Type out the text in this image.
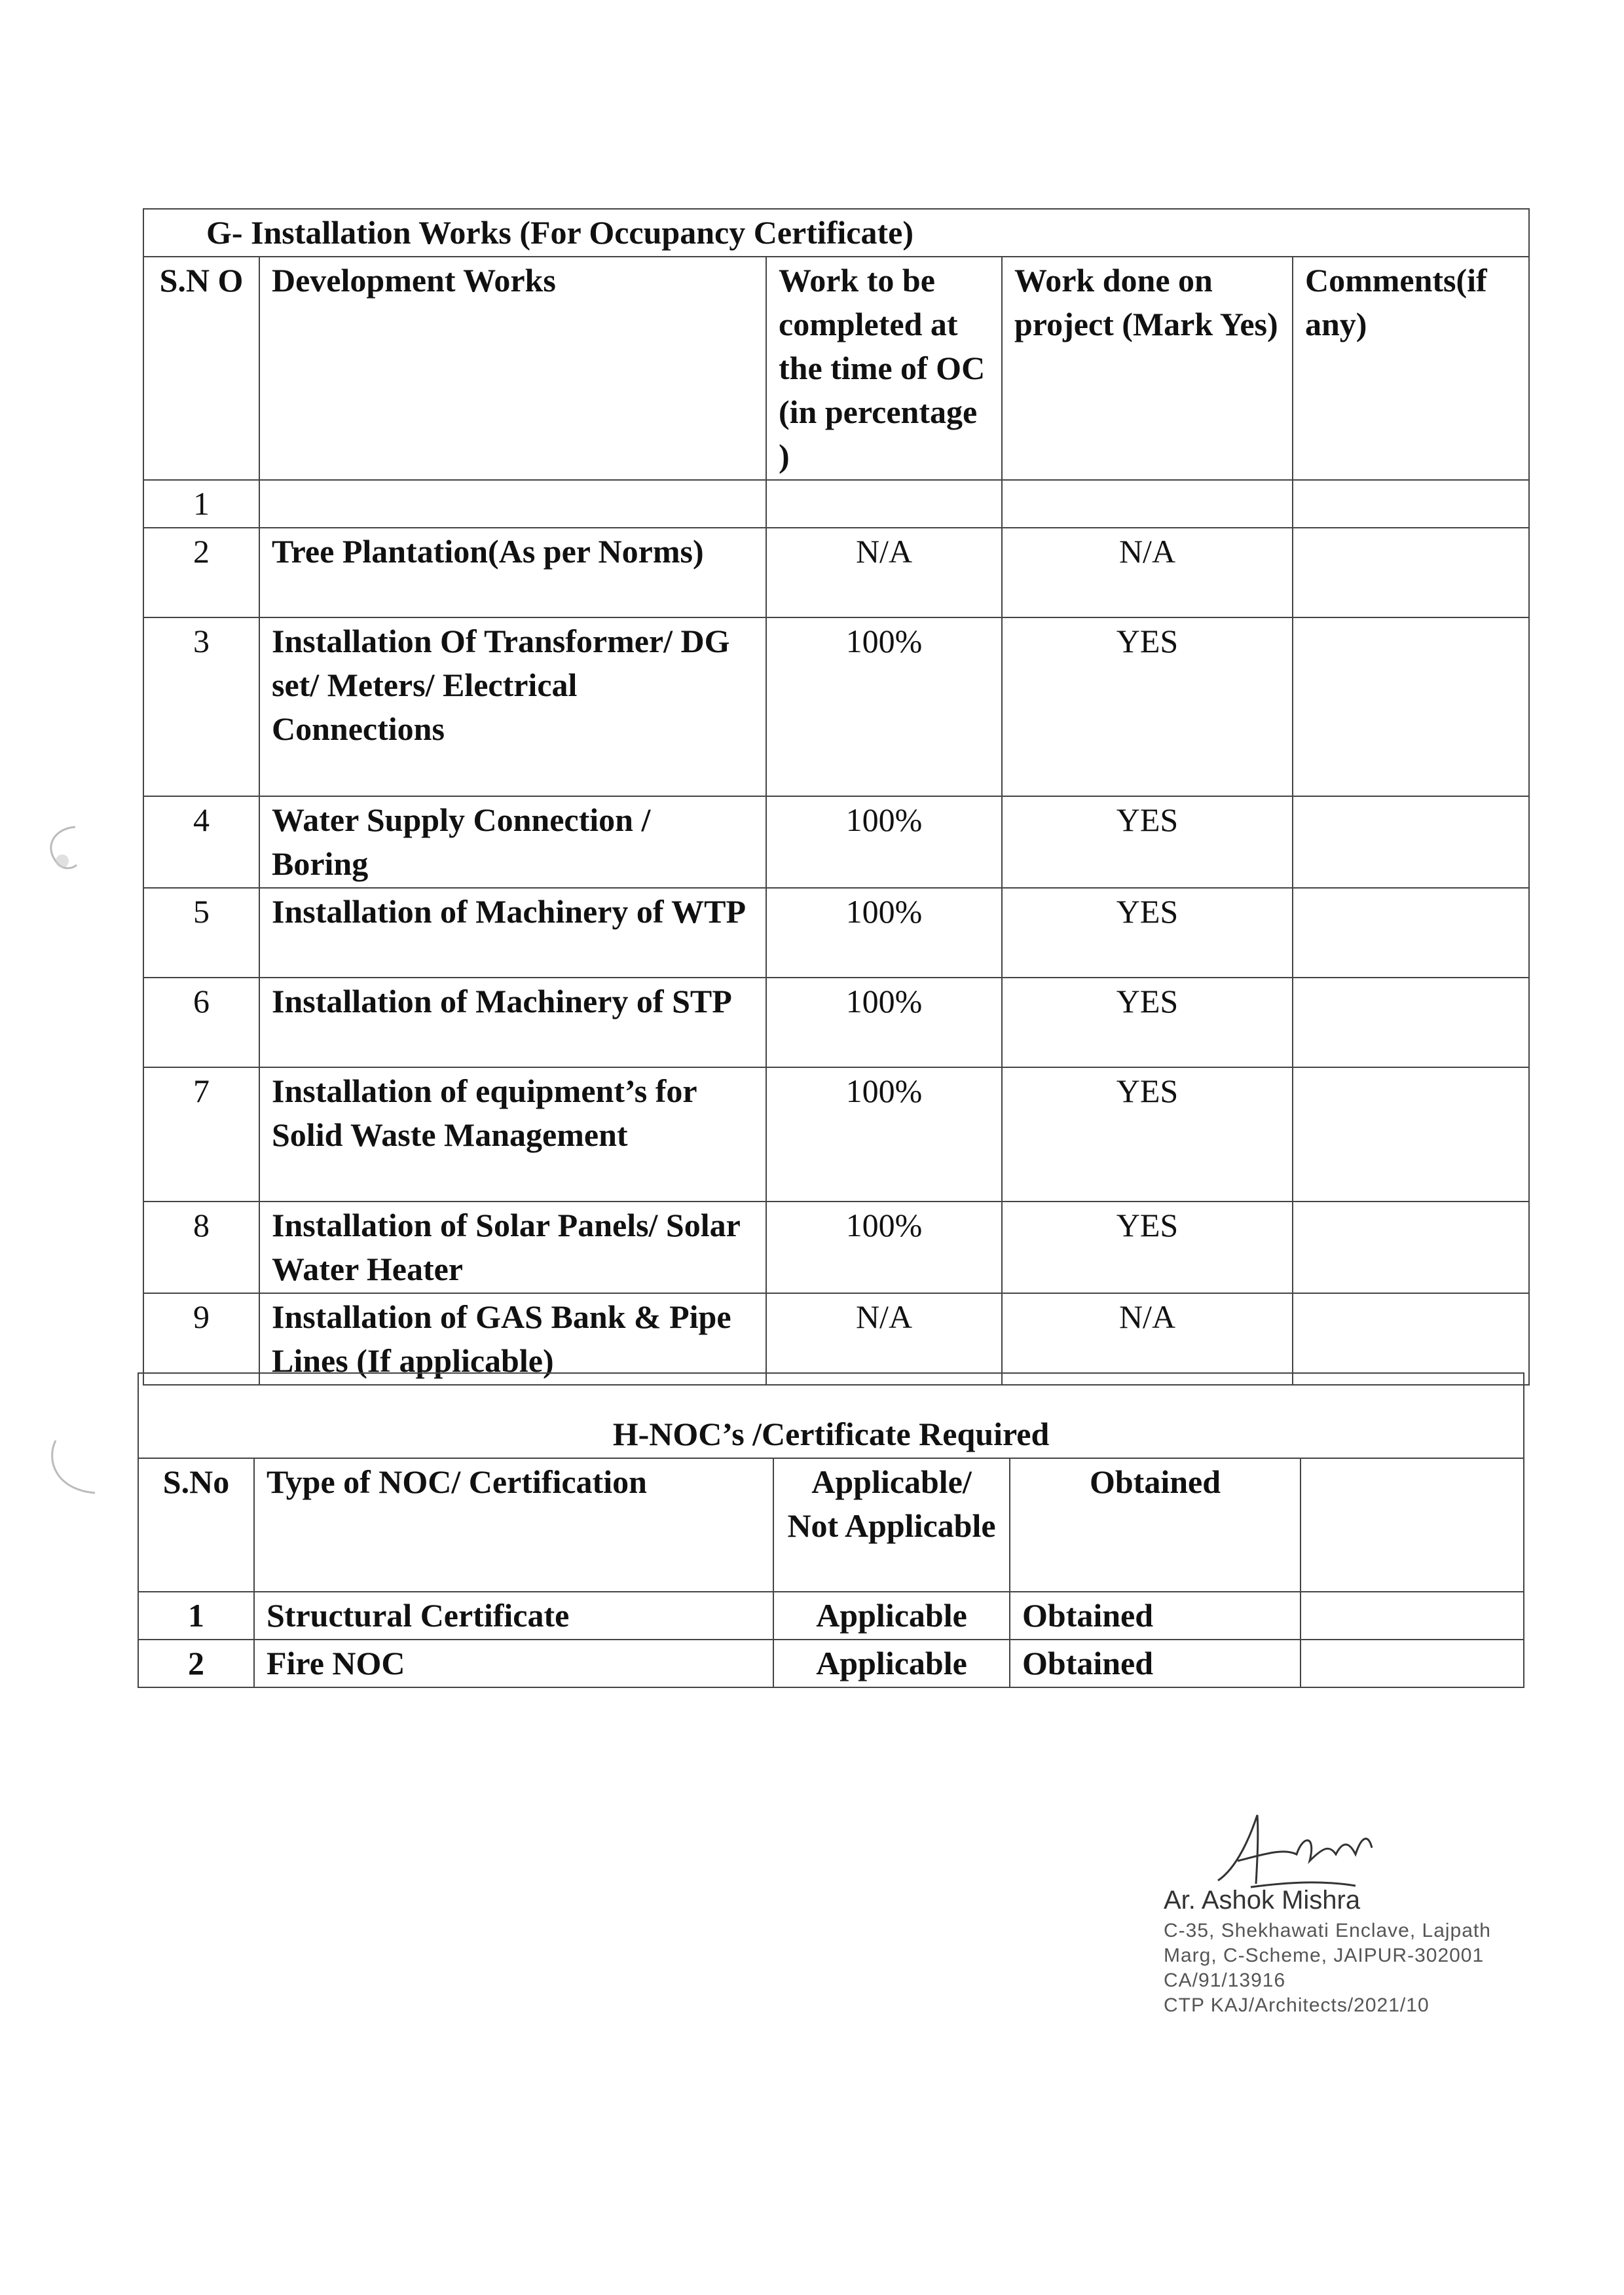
G- Installation Works (For Occupancy Certificate)				
S.N O	Development Works	Work to be completed at the time of OC (in percentage )	Work done on project (Mark Yes)	Comments(if any)
1				
2	Tree Plantation(As per Norms)	N/A	N/A	
3	Installation Of Transformer/ DG set/ Meters/ Electrical Connections	100%	YES	
4	Water Supply Connection / Boring	100%	YES	
5	Installation of Machinery of WTP	100%	YES	
6	Installation of Machinery of STP	100%	YES	
7	Installation of equipment’s for Solid Waste Management	100%	YES	
8	Installation of Solar Panels/ Solar Water Heater	100%	YES	
9	Installation of GAS Bank & Pipe Lines (If applicable)	N/A	N/A	
H-NOC’s /Certificate Required				
S.No	Type of NOC/ Certification	Applicable/ Not Applicable	Obtained	
1	Structural Certificate	Applicable	Obtained	
2	Fire NOC	Applicable	Obtained	
Ar. Ashok Mishra
C-35, Shekhawati Enclave, Lajpath
Marg, C-Scheme, JAIPUR-302001
CA/91/13916
CTP KAJ/Architects/2021/10
